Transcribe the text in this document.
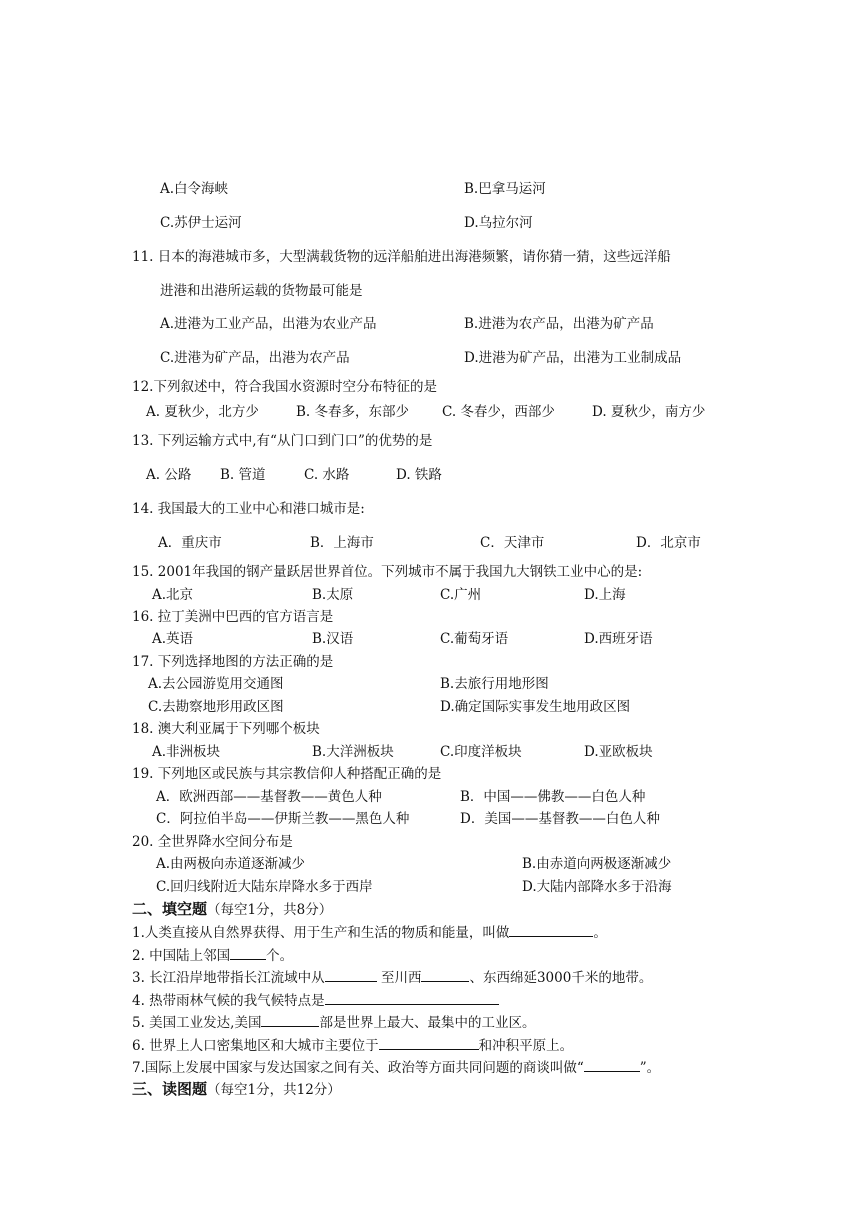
A.白令海峡	B.巴拿马运河
C.苏伊士运河	D.乌拉尔河
11. 日本的海港城市多，大型满载货物的远洋船舶进出海港频繁，请你猜一猜，这些远洋船
进港和出港所运载的货物最可能是
A.进港为工业产品，出港为农业产品	B.进港为农产品，出港为矿产品
C.进港为矿产品，出港为农产品	D.进港为矿产品，出港为工业制成品
12.下列叙述中，符合我国水资源时空分布特征的是
A. 夏秋少，北方少	B. 冬春多，东部少 C. 冬春少，西部少	D. 夏秋少，南方少
13. 下列运输方式中,有“从门口到门口”的优势的是
A. 公路 B. 管道	C. 水路	D. 铁路
14. 我国最大的工业中心和港口城市是:
A．重庆市	B．上海市	C．天津市	D．北京市
15. 2001年我国的钢产量跃居世界首位。下列城市不属于我国九大钢铁工业中心的是:
A.北京	B.太原	C.广州	D.上海
16. 拉丁美洲中巴西的官方语言是
A.英语	B.汉语	C.葡萄牙语	D.西班牙语
17. 下列选择地图的方法正确的是
A.去公园游览用交通图	B.去旅行用地形图
C.去勘察地形用政区图	D.确定国际实事发生地用政区图
18. 澳大利亚属于下列哪个板块
A.非洲板块	B.大洋洲板块	C.印度洋板块	D.亚欧板块
19. 下列地区或民族与其宗教信仰人种搭配正确的是
A．欧洲西部——基督教——黄色人种	B．中国——佛教——白色人种
C．阿拉伯半岛——伊斯兰教——黑色人种	D．美国——基督教——白色人种
20. 全世界降水空间分布是
A.由两极向赤道逐渐减少	B.由赤道向两极逐渐减少
C.回归线附近大陆东岸降水多于西岸	D.大陆内部降水多于沿海
二、填空题（每空1分，共8分）
1.人类直接从自然界获得、用于生产和生活的物质和能量，叫做	。
2. 中国陆上邻国	个。
3. 长江沿岸地带指长江流域中从	至川西	、东西绵延3000千米的地带。
4. 热带雨林气候的我气候特点是
5. 美国工业发达,美国	部是世界上最大、最集中的工业区。
6. 世界上人口密集地区和大城市主要位于	和冲积平原上。
7.国际上发展中国家与发达国家之间有关、政治等方面共同问题的商谈叫做“	”。
三、读图题（每空1分，共12分）
